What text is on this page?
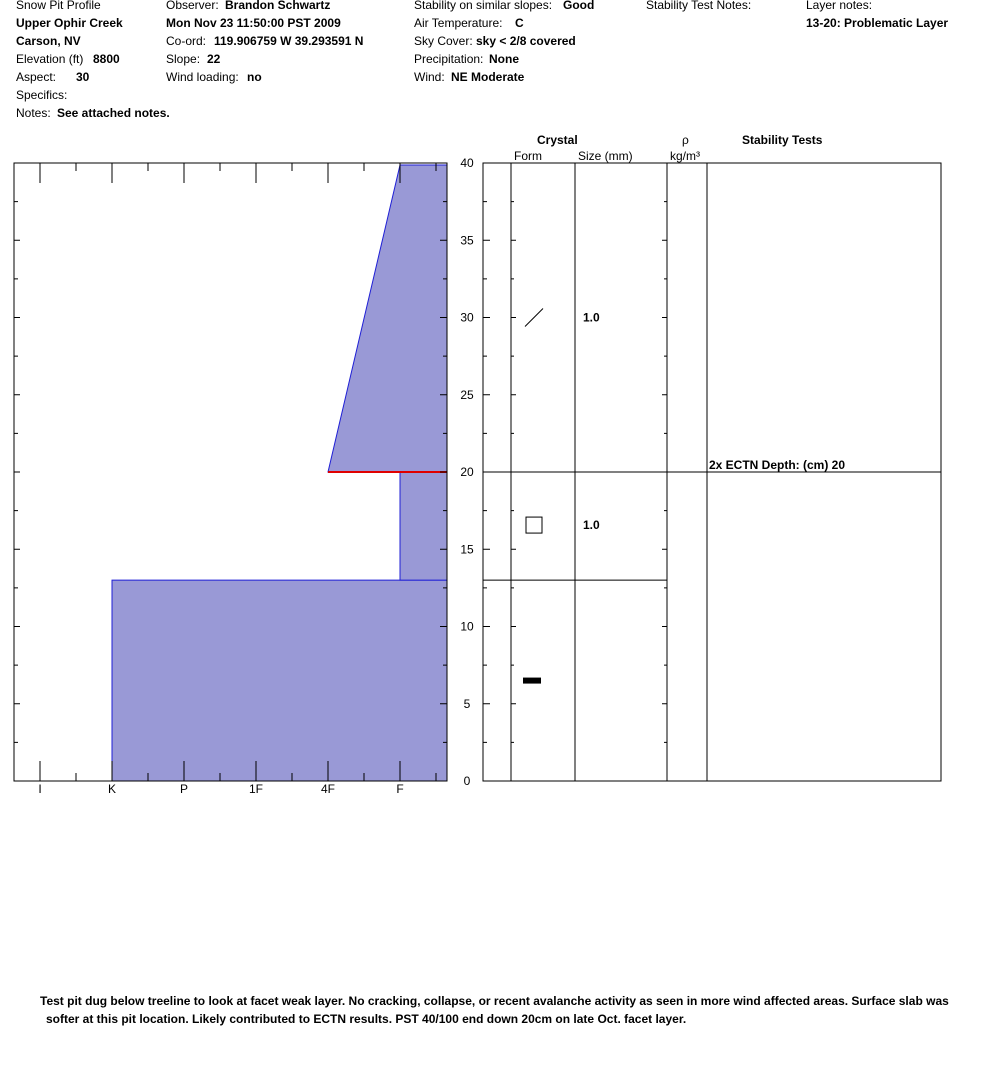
Snow Pit Profile
Upper Ophir Creek
Carson, NV
Elevation (ft) 8800
Aspect: 30
Specifics:
Notes: See attached notes.
Observer: Brandon Schwartz
Mon Nov 23 11:50:00 PST 2009
Co-ord: 119.906759 W 39.293591 N
Slope: 22
Wind loading: no
Stability on similar slopes: Good
Air Temperature: C
Sky Cover: sky < 2/8 covered
Precipitation: None
Wind: NE Moderate
Stability Test Notes:	Layer notes:
13-20: Problematic Layer
Crystal
Form	Size (mm)
ρ
kg/m³
Stability Tests
I	K	P	1F	4F	F
0
5
10
15
20
25
30
35
40
1.0
1.0
2x ECTN Depth: (cm) 20
Test pit dug below treeline to look at facet weak layer. No cracking, collapse, or recent avalanche activity as seen in more wind affected areas. Surface slab was
softer at this pit location. Likely contributed to ECTN results. PST 40/100 end down 20cm on late Oct. facet layer.
